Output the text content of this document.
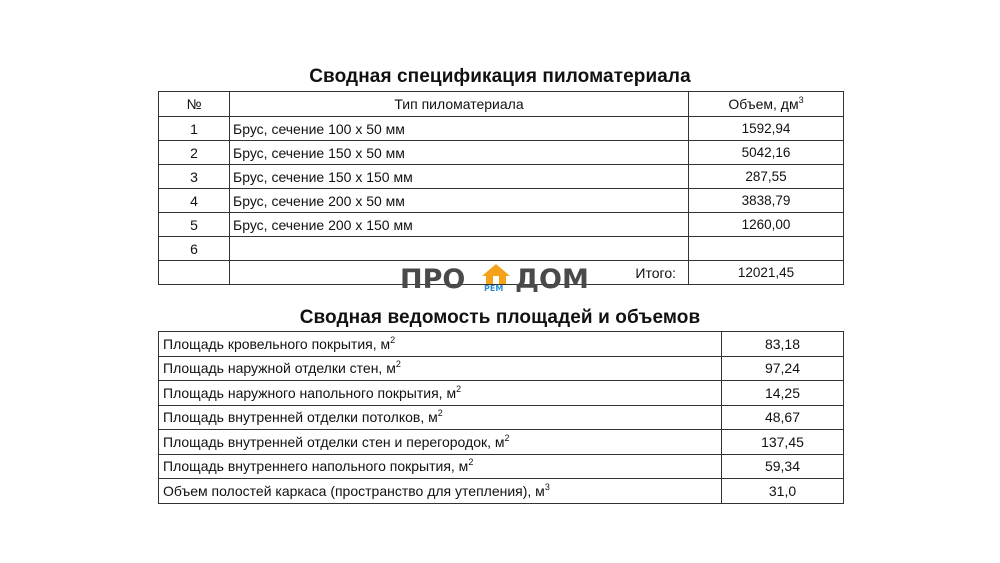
Сводная спецификация пиломатериала
№	Тип пиломатериала	Объем, $дм^3$
1	Брус, сечение 100 х 50 мм	1592,94
2	Брус, сечение 150 х 50 мм	5042,16
3	Брус, сечение 150 х 150 мм	287,55
4	Брус, сечение 200 х 50 мм	3838,79
5	Брус, сечение 200 х 150 мм	1260,00
6		
	Итого:	12021,45
ПРО РЕМ ДОМ
Сводная ведомость площадей и объемов
Площадь кровельного покрытия, $м^2$	83,18
Площадь наружной отделки стен, $м^2$	97,24
Площадь наружного напольного покрытия, $м^2$	14,25
Площадь внутренней отделки потолков, $м^2$	48,67
Площадь внутренней отделки стен и перегородок, $м^2$	137,45
Площадь внутреннего напольного покрытия, $м^2$	59,34
Объем полостей каркаса (пространство для утепления), $м^3$	31,0
